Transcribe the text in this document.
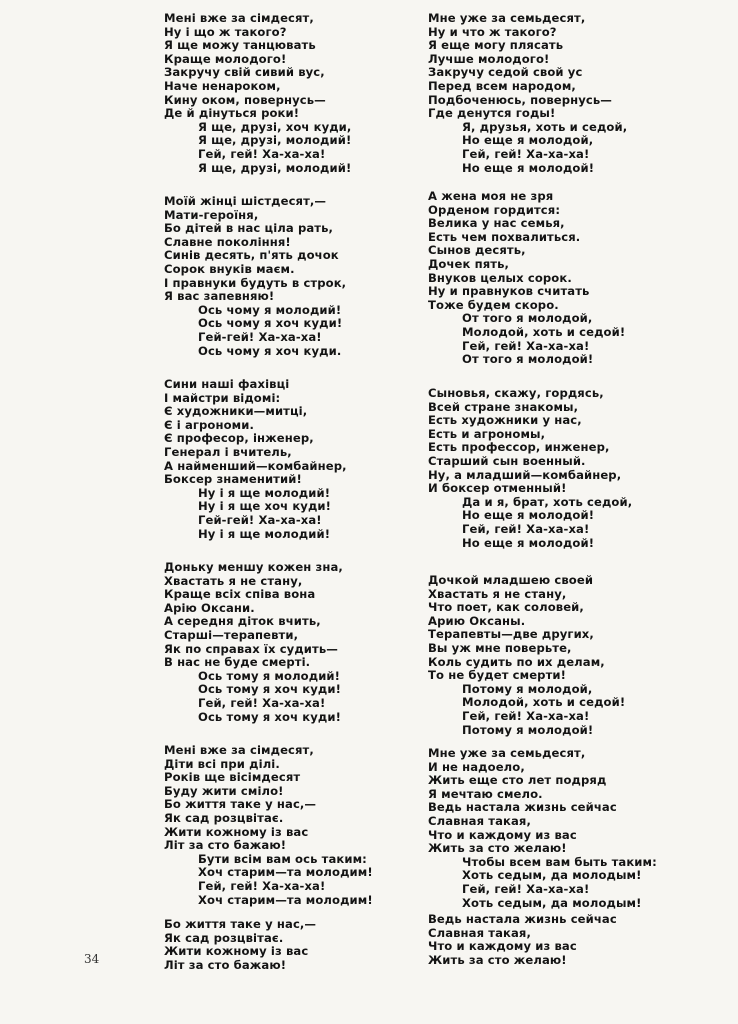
Мені вже за сімдесят,
Ну і що ж такого?
Я ще можу танцювать
Краще молодого!
Закручу свій сивий вус,
Наче ненароком,
Кину оком, повернусь—
Де й дінуться роки!
Я ще, друзі, хоч куди,
Я ще, друзі, молодий!
Гей, гей! Ха-ха-ха!
Я ще, друзі, молодий!
Моїй жінці шістдесят,—
Мати-героїня,
Бо дітей в нас ціла рать,
Славне покоління!
Синів десять, п'ять дочок
Сорок внуків маєм.
І правнуки будуть в строк,
Я вас запевняю!
Ось чому я молодий!
Ось чому я хоч куди!
Гей-гей! Ха-ха-ха!
Ось чому я хоч куди.
Сини наші фахівці
І майстри відомі:
Є художники—митці,
Є і агрономи.
Є професор, інженер,
Генерал і вчитель,
А найменший—комбайнер,
Боксер знаменитий!
Ну і я ще молодий!
Ну і я ще хоч куди!
Гей-гей! Ха-ха-ха!
Ну і я ще молодий!
Доньку меншу кожен зна,
Хвастать я не стану,
Краще всіх співа вона
Арію Оксани.
А середня діток вчить,
Старші—терапевти,
Як по справах їх судить—
В нас не буде смерті.
Ось тому я молодий!
Ось тому я хоч куди!
Гей, гей! Ха-ха-ха!
Ось тому я хоч куди!
Мені вже за сімдесят,
Діти всі при ділі.
Років ще вісімдесят
Буду жити сміло!
Бо життя таке у нас,—
Як сад розцвітає.
Жити кожному із вас
Літ за сто бажаю!
Бути всім вам ось таким:
Хоч старим—та молодим!
Гей, гей! Ха-ха-ха!
Хоч старим—та молодим!
Бо життя таке у нас,—
Як сад розцвітає.
Жити кожному із вас
Літ за сто бажаю!
Мне уже за семьдесят,
Ну и что ж такого?
Я еще могу плясать
Лучше молодого!
Закручу седой свой ус
Перед всем народом,
Подбоченюсь, повернусь—
Где денутся годы!
Я, друзья, хоть и седой,
Но еще я молодой,
Гей, гей! Ха-ха-ха!
Но еще я молодой!
А жена моя не зря
Орденом гордится:
Велика у нас семья,
Есть чем похвалиться.
Сынов десять,
Дочек пять,
Внуков целых сорок.
Ну и правнуков считать
Тоже будем скоро.
От того я молодой,
Молодой, хоть и седой!
Гей, гей! Ха-ха-ха!
От того я молодой!
Сыновья, скажу, гордясь,
Всей стране знакомы,
Есть художники у нас,
Есть и агрономы,
Есть профессор, инженер,
Старший сын военный.
Ну, а младший—комбайнер,
И боксер отменный!
Да и я, брат, хоть седой,
Но еще я молодой!
Гей, гей! Ха-ха-ха!
Но еще я молодой!
Дочкой младшею своей
Хвастать я не стану,
Что поет, как соловей,
Арию Оксаны.
Терапевты—две других,
Вы уж мне поверьте,
Коль судить по их делам,
То не будет смерти!
Потому я молодой,
Молодой, хоть и седой!
Гей, гей! Ха-ха-ха!
Потому я молодой!
Мне уже за семьдесят,
И не надоело,
Жить еще сто лет подряд
Я мечтаю смело.
Ведь настала жизнь сейчас
Славная такая,
Что и каждому из вас
Жить за сто желаю!
Чтобы всем вам быть таким:
Хоть седым, да молодым!
Гей, гей! Ха-ха-ха!
Хоть седым, да молодым!
Ведь настала жизнь сейчас
Славная такая,
Что и каждому из вас
Жить за сто желаю!
34
